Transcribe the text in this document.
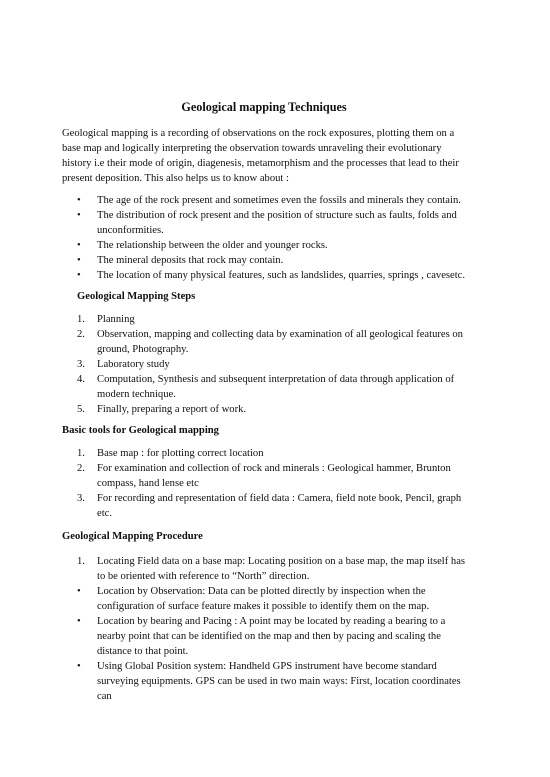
Geological mapping Techniques

Geological mapping is a recording of observations on the rock exposures, plotting them on a base map and logically interpreting the observation towards unraveling their evolutionary history i.e their mode of origin, diagenesis, metamorphism and the processes that lead to their present deposition. This also helps us to know about :

• The age of the rock present and sometimes even the fossils and minerals they contain.
• The distribution of rock present and the position of structure such as faults, folds and unconformities.
• The relationship between the older and younger rocks.
• The mineral deposits that rock may contain.
• The location of many physical features, such as landslides, quarries, springs , cavesetc.
Geological Mapping Steps
1. Planning
2. Observation, mapping and collecting data by examination of all geological features on ground, Photography.
3. Laboratory study
4. Computation, Synthesis and subsequent interpretation of data through application of modern technique.
5. Finally, preparing a report of work.
Basic tools for Geological mapping
1. Base map : for plotting correct location
2. For examination and collection of rock and minerals : Geological hammer, Brunton compass, hand lense etc
3. For recording and representation of field data : Camera, field note book, Pencil, graph etc.
Geological Mapping Procedure
1. Locating Field data on a base map: Locating position on a base map, the map itself has to be oriented with reference to “North” direction.
• Location by Observation: Data can be plotted directly by inspection when the configuration of surface feature makes it possible to identify them on the map.
• Location by bearing and Pacing : A point may be located by reading a bearing to a nearby point that can be identified on the map and then by pacing and scaling the distance to that point.
• Using Global Position system: Handheld GPS instrument have become standard surveying equipments. GPS can be used in two main ways: First, location coordinates can
